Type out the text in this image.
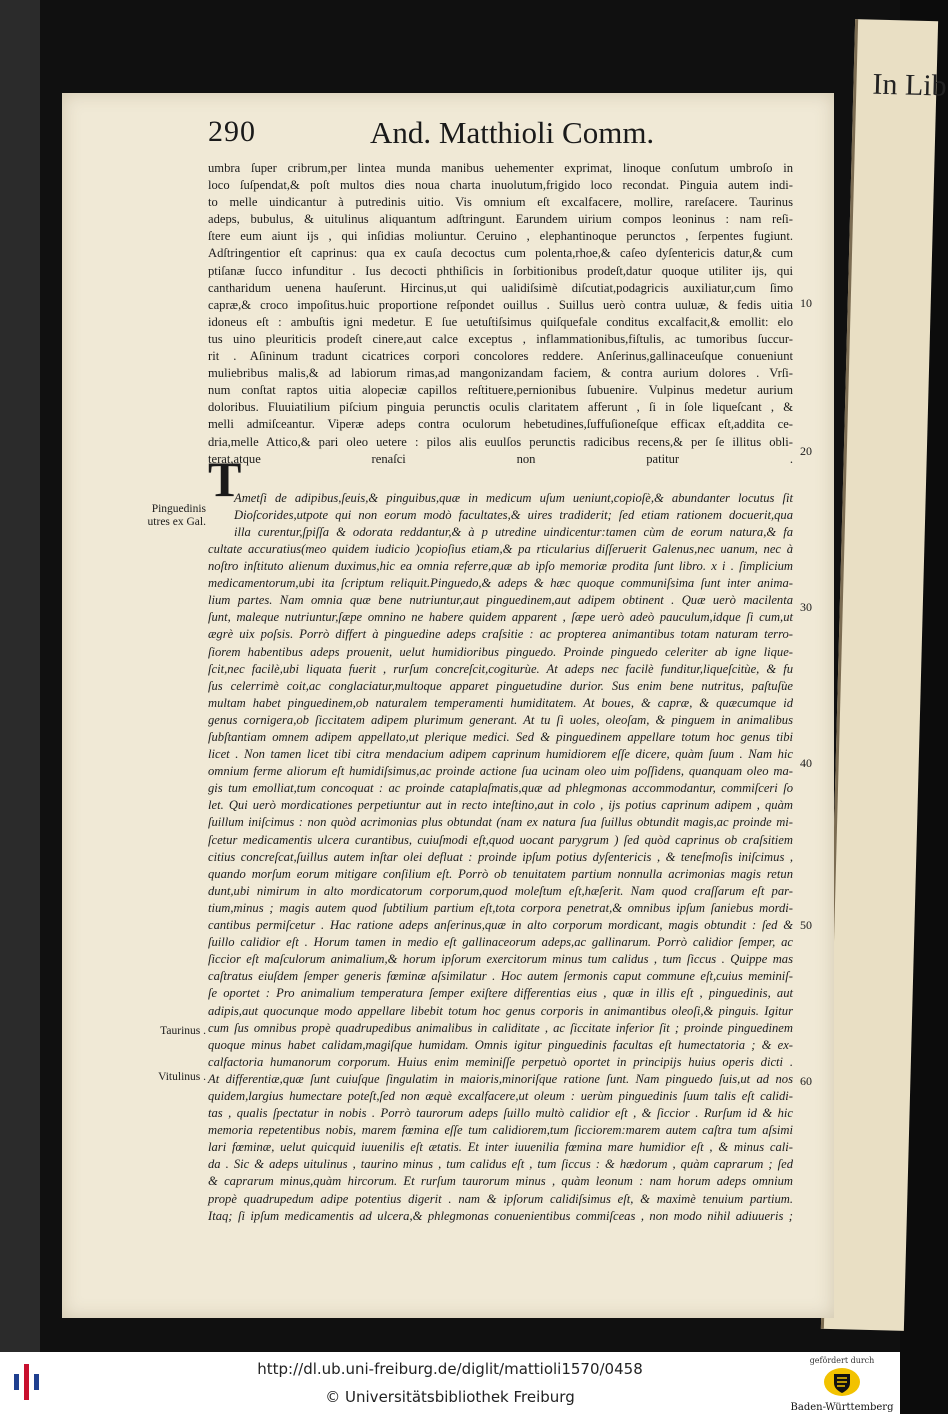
In Lib
290	And. Matthioli Comm.
umbra ſuper cribrum,per lintea munda manibus uehementer exprimat, linoque conſutum umbroſo in
loco ſuſpendat,& poſt multos dies noua charta inuolutum,frigido loco recondat. Pinguia autem indi-
to melle uindicantur à putredinis uitio. Vis omnium eſt excalfacere, mollire, rareſacere. Taurinus
adeps, bubulus, & uitulinus aliquantum adſtringunt. Earundem uirium compos leoninus : nam reſi-
ſtere eum aiunt ijs , qui inſidias moliuntur. Ceruino , elephantinoque perunctos , ſerpentes fugiunt.
Adſtringentior eſt caprinus: qua ex cauſa decoctus cum polenta,rhoe,& caſeo dyſentericis datur,& cum
ptiſanæ ſucco infunditur . Ius decocti phthiſicis in ſorbitionibus prodeſt,datur quoque utiliter ijs, qui
cantharidum uenena hauſerunt. Hircinus,ut qui ualidiſsimè diſcutiat,podagricis auxiliatur,cum ſimo
capræ,& croco impoſitus.huic proportione reſpondet ouillus . Suillus uerò contra uuluæ, & fedis uitia
idoneus eſt : ambuſtis igni medetur. E ſue uetuſtiſsimus quiſquefale conditus excalfacit,& emollit: elo
tus uino pleuriticis prodeſt cinere,aut calce exceptus , inflammationibus,fiſtulis, ac tumoribus ſuccur-
rit . Aſininum tradunt cicatrices corpori concolores reddere. Anſerinus,gallinaceuſque conueniunt
muliebribus malis,& ad labiorum rimas,ad mangonizandam faciem, & contra aurium dolores . Vrſi-
num conſtat raptos uitia alopeciæ capillos reſtituere,pernionibus ſubuenire. Vulpinus medetur aurium
doloribus. Fluuiatilium piſcium pinguia perunctis oculis claritatem afferunt , ſi in ſole liqueſcant , &
melli admiſceantur. Viperæ adeps contra oculorum hebetudines,ſuffuſioneſque efficax eſt,addita ce-
dria,melle Attico,& pari oleo uetere : pilos alis euulſos perunctis radicibus recens,& per ſe illitus obli-
terat,atque renaſci non patitur .
Ametſi de adipibus,ſeuis,& pinguibus,quæ in medicum uſum ueniunt,copioſè,& abundanter locutus ſit
Dioſcorides,utpote qui non eorum modò facultates,& uires tradiderit; ſed etiam rationem docuerit,qua
illa curentur,ſpiſſa & odorata reddantur,& à p utredine uindicentur:tamen cùm de eorum natura,& fa
cultate accuratius(meo quidem iudicio )copioſius etiam,& pa rticularius diſſeruerit Galenus,nec uanum, nec à
noſtro inſtituto alienum duximus,hic ea omnia referre,quæ ab ipſo memoriæ prodita ſunt libro. x i . ſimplicium
medicamentorum,ubi ita ſcriptum reliquit.Pinguedo,& adeps & hæc quoque communiſsima ſunt inter anima-
lium partes. Nam omnia quæ bene nutriuntur,aut pinguedinem,aut adipem obtinent . Quæ uerò macilenta
ſunt, maleque nutriuntur,ſæpe omnino ne habere quidem apparent , ſæpe uerò adeò pauculum,idque ſi cum,ut
ægrè uix poſsis. Porrò differt à pinguedine adeps craſsitie : ac propterea animantibus totam naturam terro-
ſiorem habentibus adeps prouenit, uelut humidioribus pinguedo. Proinde pinguedo celeriter ab igne lique-
ſcit,nec facilè,ubi liquata fuerit , rurſum concreſcit,cogiturùe. At adeps nec facilè funditur,liqueſcitùe, & fu
ſus celerrimè coit,ac conglaciatur,multoque apparet pinguetudine durior. Sus enim bene nutritus, paſtuſùe
multam habet pinguedinem,ob naturalem temperamenti humiditatem. At boues, & capræ, & quæcumque id
genus cornigera,ob ſiccitatem adipem plurimum generant. At tu ſi uoles, oleoſam, & pinguem in animalibus
ſubſtantiam omnem adipem appellato,ut plerique medici. Sed & pinguedinem appellare totum hoc genus tibi
licet . Non tamen licet tibi citra mendacium adipem caprinum humidiorem eſſe dicere, quàm ſuum . Nam hic
omnium ferme aliorum eſt humidiſsimus,ac proinde actione ſua ucinam oleo uim poſſidens, quanquam oleo ma-
gis tum emolliat,tum concoquat : ac proinde cataplaſmatis,quæ ad phlegmonas accommodantur, commiſceri ſo
let. Qui uerò mordicationes perpetiuntur aut in recto inteſtino,aut in colo , ijs potius caprinum adipem , quàm
ſuillum iniſcimus : non quòd acrimonias plus obtundat (nam ex natura ſua ſuillus obtundit magis,ac proinde mi-
ſcetur medicamentis ulcera curantibus, cuiuſmodi eſt,quod uocant parygrum ) ſed quòd caprinus ob craſsitiem
citius concreſcat,ſuillus autem inſtar olei defluat : proinde ipſum potius dyſentericis , & teneſmoſis iniſcimus ,
quando morſum eorum mitigare conſilium eſt. Porrò ob tenuitatem partium nonnulla acrimonias magis retun
dunt,ubi nimirum in alto mordicatorum corporum,quod moleſtum eſt,hæſerit. Nam quod craſſarum eſt par-
tium,minus ; magis autem quod ſubtilium partium eſt,tota corpora penetrat,& omnibus ipſum ſaniebus mordi-
cantibus permiſcetur . Hac ratione adeps anſerinus,quæ in alto corporum mordicant, magis obtundit : ſed &
ſuillo calidior eſt . Horum tamen in medio eſt gallinaceorum adeps,ac gallinarum. Porrò calidior ſemper, ac
ſiccior eſt maſculorum animalium,& horum ipſorum exercitorum minus tum calidus , tum ſiccus . Quippe mas
caſtratus eiuſdem ſemper generis fœminæ aſsimilatur . Hoc autem ſermonis caput commune eſt,cuius meminiſ-
ſe oportet : Pro animalium temperatura ſemper exiſtere differentias eius , quæ in illis eſt , pinguedinis, aut
adipis,aut quocunque modo appellare libebit totum hoc genus corporis in animantibus oleoſi,& pinguis. Igitur
cum ſus omnibus propè quadrupedibus animalibus in caliditate , ac ſiccitate inferior ſit ; proinde pinguedinem
quoque minus habet calidam,magiſque humidam. Omnis igitur pinguedinis facultas eſt humectatoria ; & ex-
calfactoria humanorum corporum. Huius enim meminiſſe perpetuò oportet in principijs huius operis dicti .
At differentiæ,quæ ſunt cuiuſque ſingulatim in maioris,minoriſque ratione ſunt. Nam pinguedo ſuis,ut ad nos
quidem,largius humectare poteſt,ſed non æquè excalfacere,ut oleum : uerùm pinguedinis ſuum talis eſt calidi-
tas , qualis ſpectatur in nobis . Porrò taurorum adeps ſuillo multò calidior eſt , & ſiccior . Rurſum id & hic
memoria repetentibus nobis, marem fœmina eſſe tum calidiorem,tum ſicciorem:marem autem caſtra tum aſsimi
lari fœminæ, uelut quicquid iuuenilis eſt ætatis. Et inter iuuenilia fœmina mare humidior eſt , & minus cali-
da . Sic & adeps uitulinus , taurino minus , tum calidus eſt , tum ſiccus : & hædorum , quàm caprarum ; ſed
& caprarum minus,quàm hircorum. Et rurſum taurorum minus , quàm leonum : nam horum adeps omnium
propè quadrupedum adipe potentius digerit . nam & ipſorum calidiſsimus eſt, & maximè tenuium partium.
Itaq; ſi ipſum medicamentis ad ulcera,& phlegmonas conuenientibus commiſceas , non modo nihil adiuueris ;
T
Pinguedinis
utres ex Gal.
Taurinus .
Vitulinus .
10
20
30
40
50
60
http://dl.ub.uni-freiburg.de/diglit/mattioli1570/0458
© Universitätsbibliothek Freiburg
gefördert durch
Baden-Württemberg
